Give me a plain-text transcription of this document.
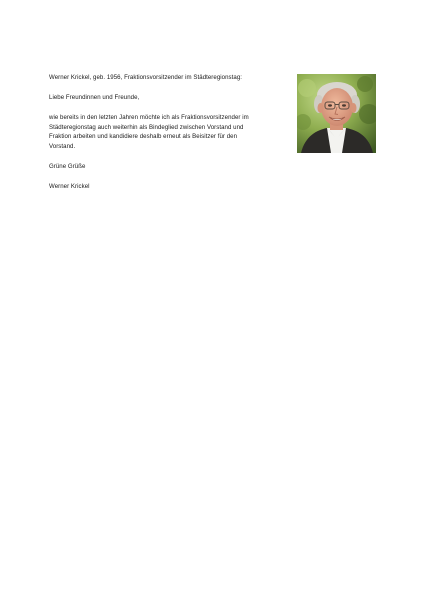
Werner Krickel, geb. 1956, Fraktionsvorsitzender im Städteregionstag:

Liebe Freundinnen und Freunde,

wie bereits in den letzten Jahren möchte ich als Fraktionsvorsitzender im
Städteregionstag auch weiterhin als Bindeglied zwischen Vorstand und
Fraktion arbeiten und kandidiere deshalb erneut als Beisitzer für den
Vorstand.

Grüne Grüße

Werner Krickel
